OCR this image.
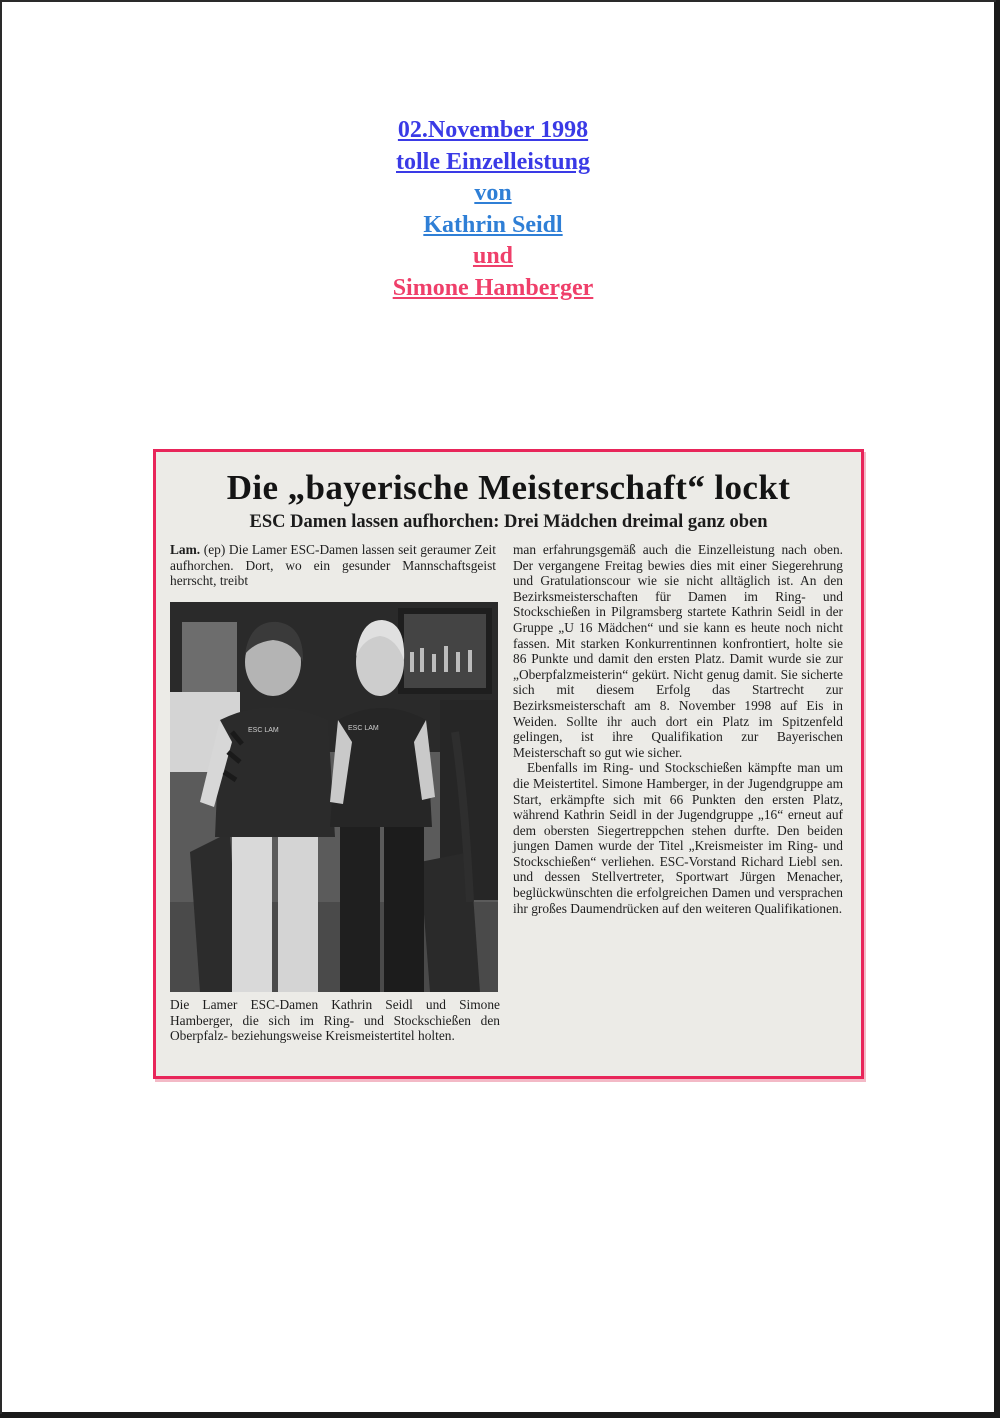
02.November 1998
tolle Einzelleistung
von
Kathrin Seidl
und
Simone Hamberger
Die „bayerische Meisterschaft“ lockt
ESC Damen lassen aufhorchen: Drei Mädchen dreimal ganz oben

Lam. (ep) Die Lamer ESC-Damen lassen seit geraumer Zeit aufhorchen. Dort, wo ein gesunder Mannschaftsgeist herrscht, treibt

ESC LAM	ESC LAM
Die Lamer ESC-Damen Kathrin Seidl und Simone Hamberger, die sich im Ring- und Stockschießen den Oberpfalz- beziehungsweise Kreismeistertitel holten.

man erfahrungsgemäß auch die Einzelleistung nach oben. Der vergangene Freitag bewies dies mit einer Siegerehrung und Gratulationscour wie sie nicht alltäglich ist. An den Bezirksmeisterschaften für Damen im Ring- und Stockschießen in Pilgramsberg startete Kathrin Seidl in der Gruppe „U 16 Mädchen“ und sie kann es heute noch nicht fassen. Mit starken Konkurrentinnen konfrontiert, holte sie 86 Punkte und damit den ersten Platz. Damit wurde sie zur „Oberpfalzmeisterin“ gekürt. Nicht genug damit. Sie sicherte sich mit diesem Erfolg das Startrecht zur Bezirksmeisterschaft am 8. November 1998 auf Eis in Weiden. Sollte ihr auch dort ein Platz im Spitzenfeld gelingen, ist ihre Qualifikation zur Bayerischen Meisterschaft so gut wie sicher.

Ebenfalls im Ring- und Stockschießen kämpfte man um die Meistertitel. Simone Hamberger, in der Jugendgruppe am Start, erkämpfte sich mit 66 Punkten den ersten Platz, während Kathrin Seidl in der Jugendgruppe „16“ erneut auf dem obersten Siegertreppchen stehen durfte. Den beiden jungen Damen wurde der Titel „Kreismeister im Ring- und Stockschießen“ verliehen. ESC-Vorstand Richard Liebl sen. und dessen Stellvertreter, Sportwart Jürgen Menacher, beglückwünschten die erfolgreichen Damen und versprachen ihr großes Daumendrücken auf den weiteren Qualifikationen.
